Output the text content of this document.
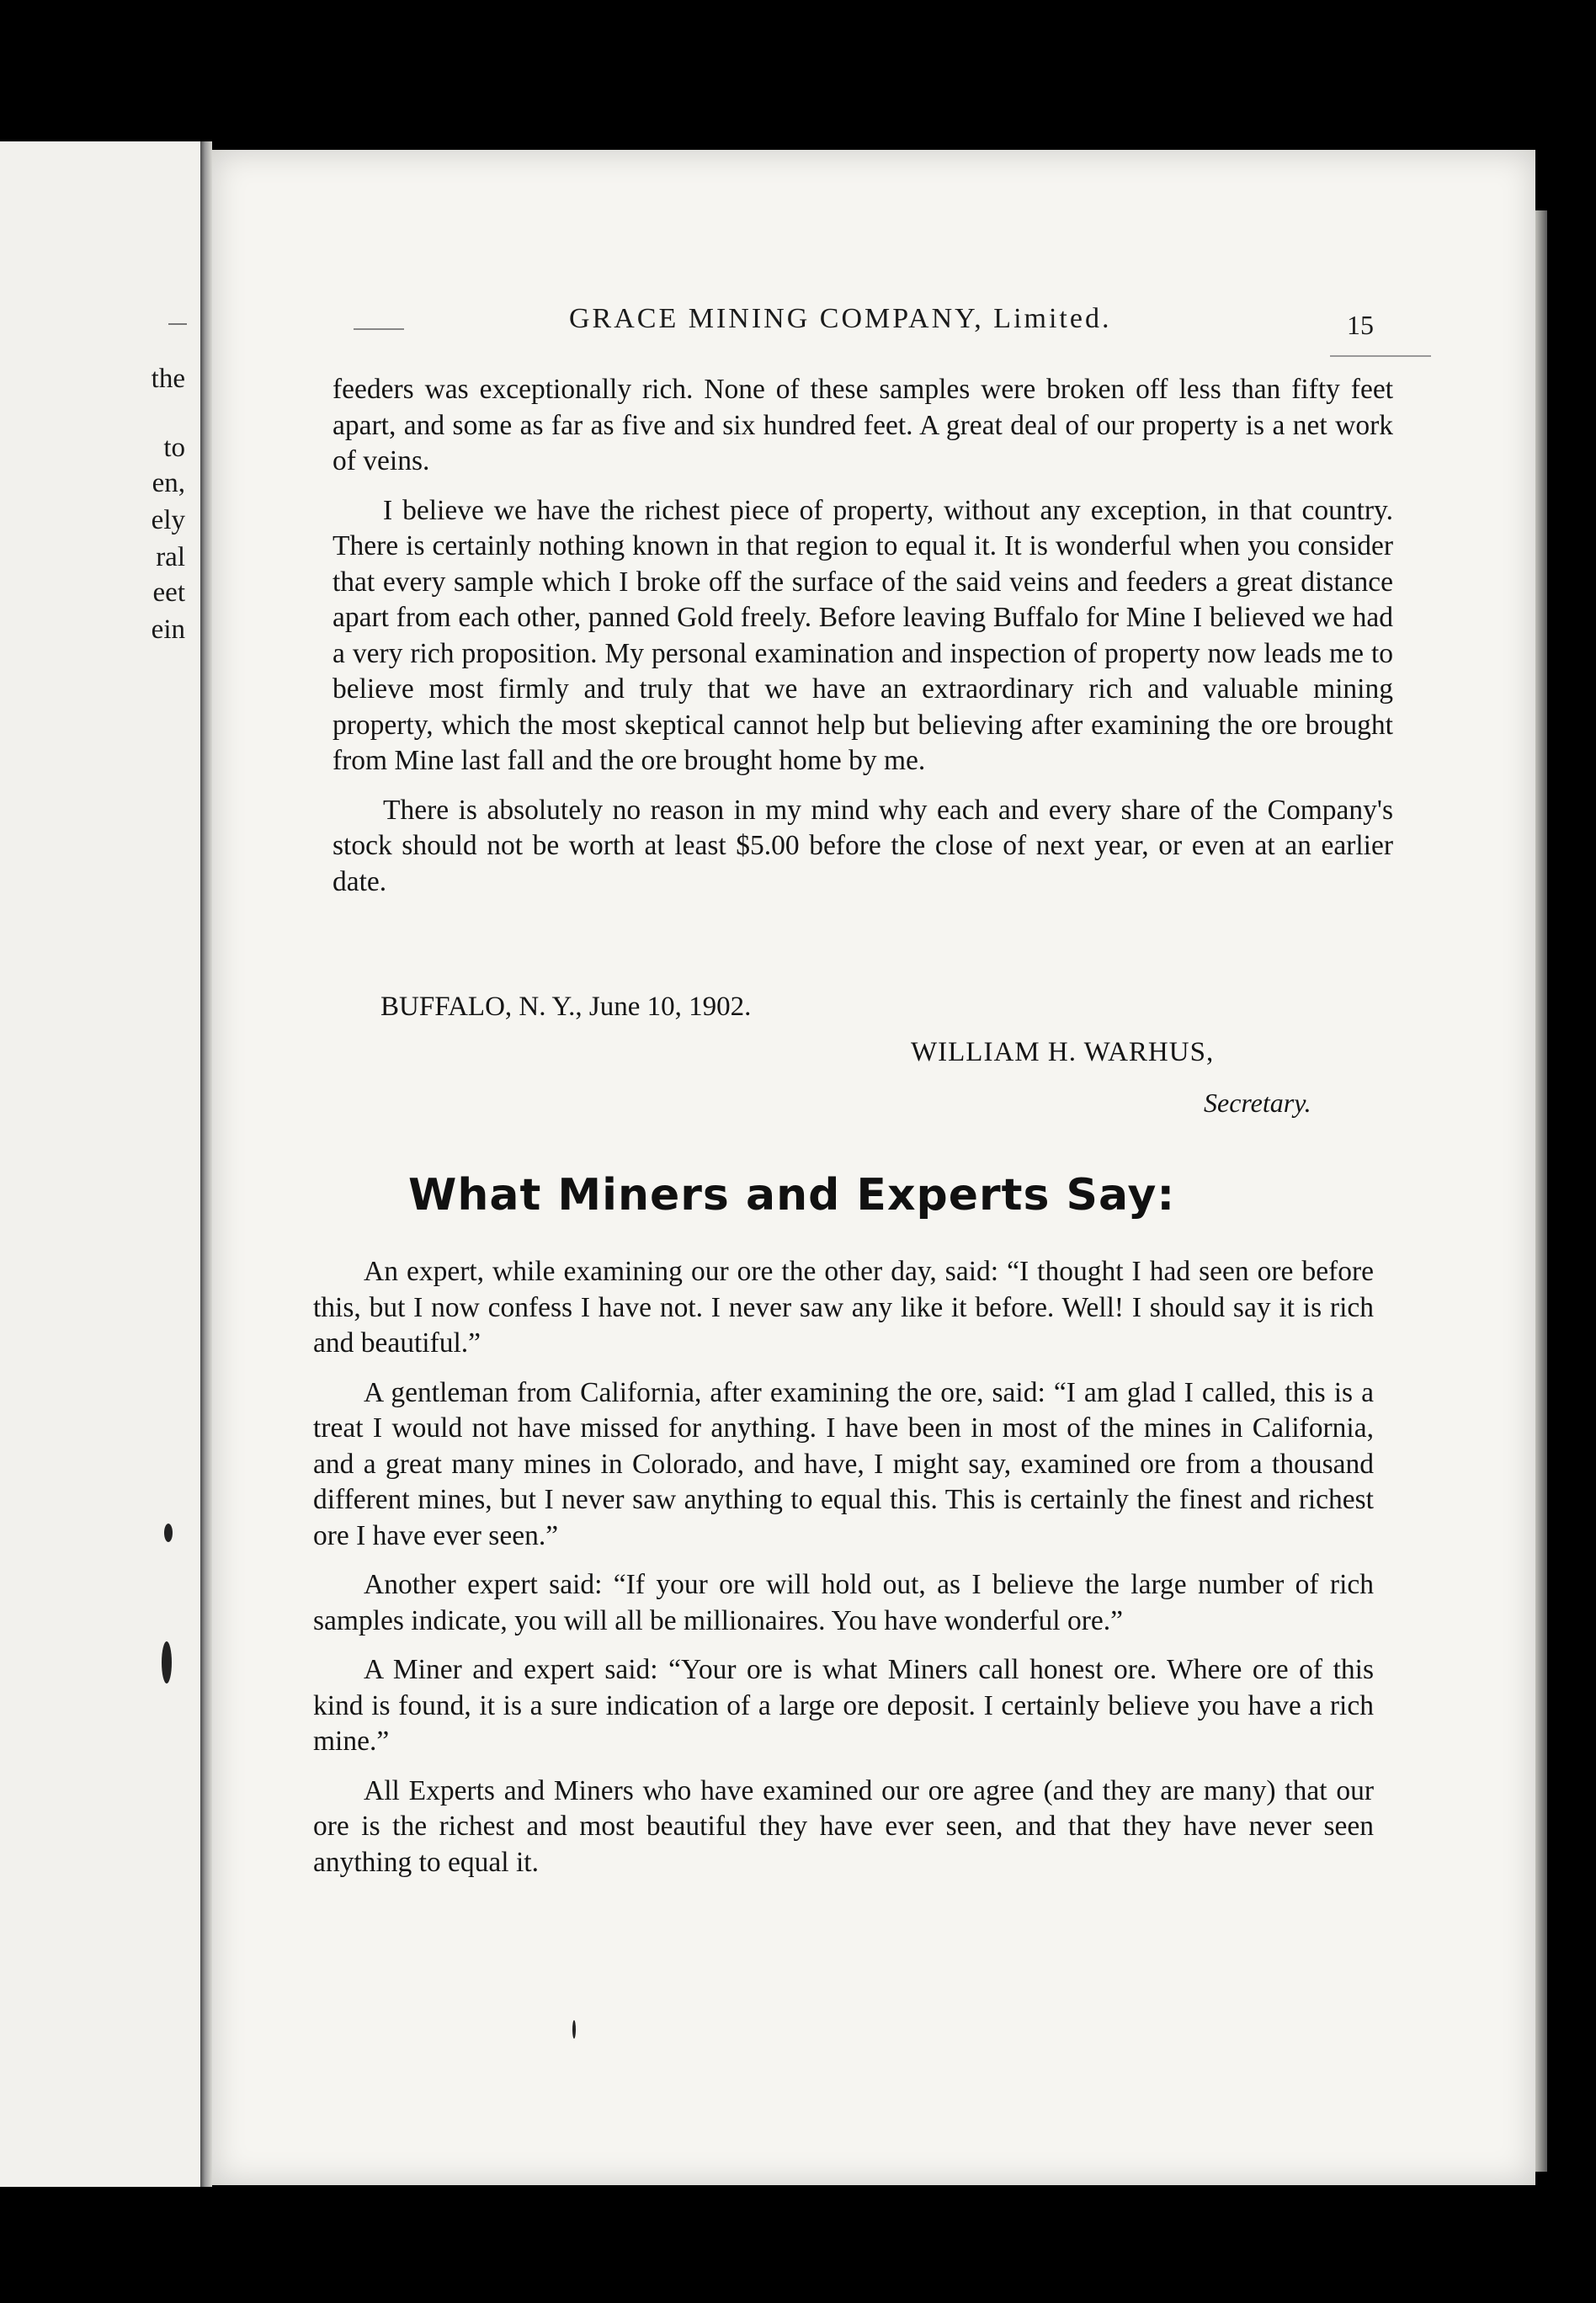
the
to
en,
ely
ral
eet
ein
GRACE MINING COMPANY, Limited.	15

feeders was exceptionally rich. None of these samples were broken off less than fifty feet apart, and some as far as five and six hundred feet. A great deal of our property is a net work of veins.

I believe we have the richest piece of property, without any exception, in that country. There is certainly nothing known in that region to equal it. It is wonderful when you consider that every sample which I broke off the surface of the said veins and feeders a great distance apart from each other, panned Gold freely. Before leaving Buffalo for Mine I believed we had a very rich proposition. My personal examination and inspection of property now leads me to believe most firmly and truly that we have an extraordinary rich and valuable mining property, which the most skeptical cannot help but believing after examining the ore brought from Mine last fall and the ore brought home by me.

There is absolutely no reason in my mind why each and every share of the Company's stock should not be worth at least $5.00 before the close of next year, or even at an earlier date.

BUFFALO, N. Y., June 10, 1902.
WILLIAM H. WARHUS,
Secretary.
What Miners and Experts Say:

An expert, while examining our ore the other day, said: “I thought I had seen ore before this, but I now confess I have not. I never saw any like it before. Well! I should say it is rich and beautiful.”

A gentleman from California, after examining the ore, said: “I am glad I called, this is a treat I would not have missed for anything. I have been in most of the mines in California, and a great many mines in Colorado, and have, I might say, examined ore from a thousand different mines, but I never saw anything to equal this. This is certainly the finest and richest ore I have ever seen.”

Another expert said: “If your ore will hold out, as I believe the large number of rich samples indicate, you will all be millionaires. You have wonderful ore.”

A Miner and expert said: “Your ore is what Miners call honest ore. Where ore of this kind is found, it is a sure indication of a large ore deposit. I certainly believe you have a rich mine.”

All Experts and Miners who have examined our ore agree (and they are many) that our ore is the richest and most beautiful they have ever seen, and that they have never seen anything to equal it.
